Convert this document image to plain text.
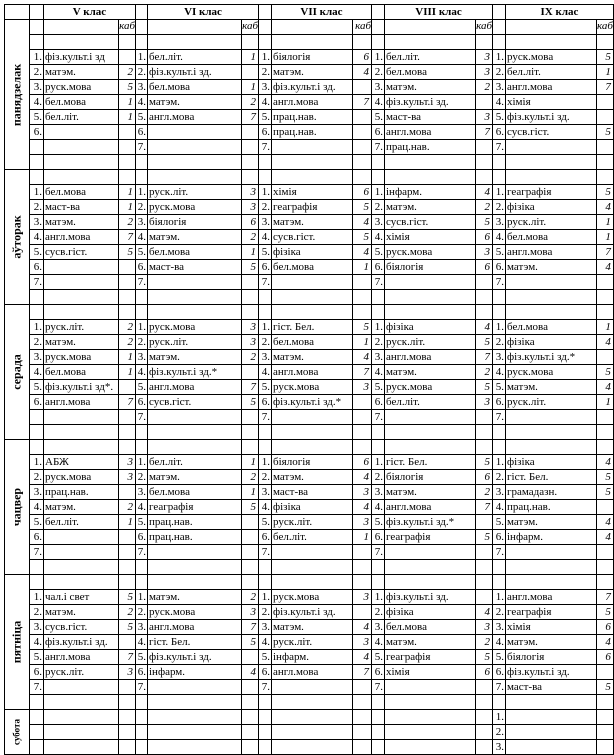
		V клас			VI клас			VII клас			VIII клас			IX клас	

панядзелак			каб			каб			каб			каб			каб

	1.	фіз.культ.і зд		1.	бел.літ.	1	1.	біялогія	6	1.	бел.літ.	3	1.	руск.мова	5
	2.	матэм.	2	2.	фіз.культ.і зд.		2.	матэм.	4	2.	бел.мова	3	2.	бел.літ.	1
	3.	руск.мова	5	3.	бел.мова	1	3.	фіз.культ.і зд.		3.	матэм.	2	3.	англ.мова	7
	4.	бел.мова	1	4.	матэм.	2	4.	англ.мова	7	4.	фіз.культ.і зд.		4.	хімія	
	5.	бел.літ.	1	5.	англ.мова	7	5.	прац.нав.		5.	маст-ва	3	5.	фіз.культ.і зд.	
	6.			6.			6.	прац.нав.		6.	англ.мова	7	6.	сусв.гіст.	5
				7.			7.			7.	прац.нав.		7.		

аўторак															

	1.	бел.мова	1	1.	руск.літ.	3	1.	хімія	6	1.	інфарм.	4	1.	геаграфія	5
	2.	маст-ва	1	2.	руск.мова	3	2.	геаграфія	5	2.	матэм.	2	2.	фізіка	4
	3.	матэм.	2	3.	біялогія	6	3.	матэм.	4	3.	сусв.гіст.	5	3.	руск.літ.	1
	4.	англ.мова	7	4.	матэм.	2	4.	сусв.гіст.	5	4.	хімія	6	4.	бел.мова	1
	5.	сусв.гіст.	5	5.	бел.мова	1	5.	фізіка	4	5.	руск.мова	3	5.	англ.мова	7
	6.			6.	маст-ва	5	6.	бел.мова	1	6.	біялогія	6	6.	матэм.	4
	7.			7.			7.			7.			7.		

серада															

	1.	руск.літ.	2	1.	руск.мова	3	1.	гіст. Бел.	5	1.	фізіка	4	1.	бел.мова	1
	2.	матэм.	2	2.	руск.літ.	3	2.	бел.мова	1	2.	руск.літ.	5	2.	фізіка	4
	3.	руск.мова	1	3.	матэм.	2	3.	матэм.	4	3.	англ.мова	7	3.	фіз.культ.і зд.*	
	4.	бел.мова	1	4.	фіз.культ.і зд.*		4.	англ.мова	7	4.	матэм.	2	4.	руск.мова	5
	5.	фіз.культ.і зд*.		5.	англ.мова	7	5.	руск.мова	3	5.	руск.мова	5	5.	матэм.	4
	6.	англ.мова	7	6.	сусв.гіст.	5	6.	фіз.культ.і зд.*		6.	бел.літ.	3	6.	руск.літ.	1
				7.			7.			7.			7.		

чацвер															

	1.	АБЖ	3	1.	бел.літ.	1	1.	біялогія	6	1.	гіст. Бел.	5	1.	фізіка	4
	2.	руск.мова	3	2.	матэм.	2	2.	матэм.	4	2.	біялогія	6	2.	гіст. Бел.	5
	3.	прац.нав.		3.	бел.мова	1	3.	маст-ва	3	3.	матэм.	2	3.	грамадазн.	5
	4.	матэм.	2	4.	геаграфія	5	4.	фізіка	4	4.	англ.мова	7	4.	прац.нав.	
	5.	бел.літ.	1	5.	прац.нав.		5.	руск.літ.	3	5.	фіз.культ.і зд.*		5.	матэм.	4
	6.			6.	прац.нав.		6.	бел.літ.	1	6.	геаграфія	5	6.	інфарм.	4
	7.			7.			7.			7.			7.		

пятніца															

	1.	чал.і свет	5	1.	матэм.	2	1.	руск.мова	3	1.	фіз.культ.і зд.		1.	англ.мова	7
	2.	матэм.	2	2.	руск.мова	3	2.	фіз.культ.і зд.		2.	фізіка	4	2.	геаграфія	5
	3.	сусв.гіст.	5	3.	англ.мова	7	3.	матэм.	4	3.	бел.мова	3	3.	хімія	6
	4.	фіз.культ.і зд.		4.	гіст. Бел.	5	4.	руск.літ.	3	4.	матэм.	2	4.	матэм.	4
	5.	англ.мова	7	5.	фіз.культ.і зд.		5.	інфарм.	4	5.	геаграфія	5	5.	біялогія	6
	6.	руск.літ.	3	6.	інфарм.	4	6.	англ.мова	7	6.	хімія	6	6.	фіз.культ.і зд.	
	7.			7.			7.			7.			7.	маст-ва	5

субота													1.		
													2.		
													3.		
